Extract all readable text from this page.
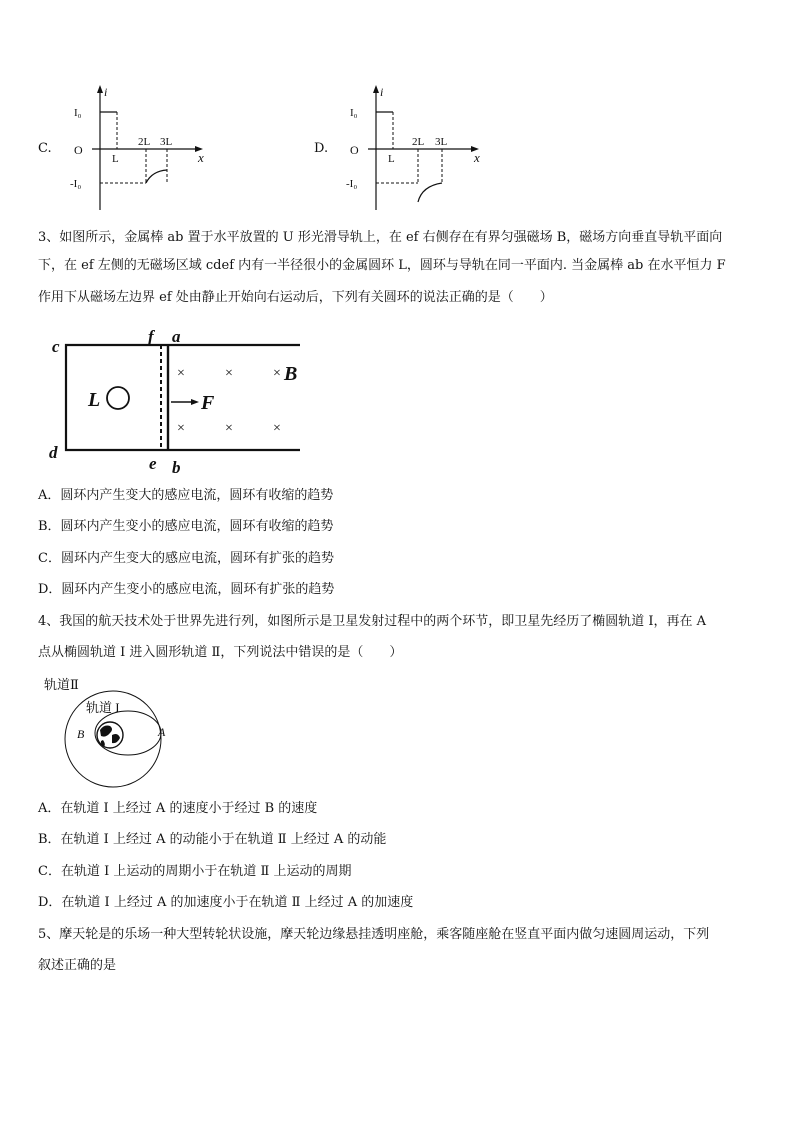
C.
i
x
O
I₀
-I₀
L
2L 3L	D.
i
x
O
I₀
-I₀
L
2L 3L
3、如图所示，金属棒 ab 置于水平放置的 U 形光滑导轨上，在 ef 右侧存在有界匀强磁场 B，磁场方向垂直导轨平面向
下，在 ef 左侧的无磁场区域 cdef 内有一半径很小的金属圆环 L，圆环与导轨在同一平面内. 当金属棒 ab 在水平恒力 F
作用下从磁场左边界 ef 处由静止开始向右运动后，下列有关圆环的说法正确的是（　　）
c
d
f a
e b
L	F
B
×	×	×
×	×	×
A．圆环内产生变大的感应电流，圆环有收缩的趋势
B．圆环内产生变小的感应电流，圆环有收缩的趋势
C．圆环内产生变大的感应电流，圆环有扩张的趋势
D．圆环内产生变小的感应电流，圆环有扩张的趋势
4、我国的航天技术处于世界先进行列，如图所示是卫星发射过程中的两个环节，即卫星先经历了椭圆轨道 I，再在 A
点从椭圆轨道 I 进入圆形轨道 Ⅱ，下列说法中错误的是（　　）
轨道Ⅱ
轨道 I
B	A
A．在轨道 I 上经过 A 的速度小于经过 B 的速度
B．在轨道 I 上经过 A 的动能小于在轨道 Ⅱ 上经过 A 的动能
C．在轨道 I 上运动的周期小于在轨道 Ⅱ 上运动的周期
D．在轨道 I 上经过 A 的加速度小于在轨道 Ⅱ 上经过 A 的加速度
5、摩天轮是的乐场一种大型转轮状设施，摩天轮边缘悬挂透明座舱，乘客随座舱在竖直平面内做匀速圆周运动，下列
叙述正确的是
